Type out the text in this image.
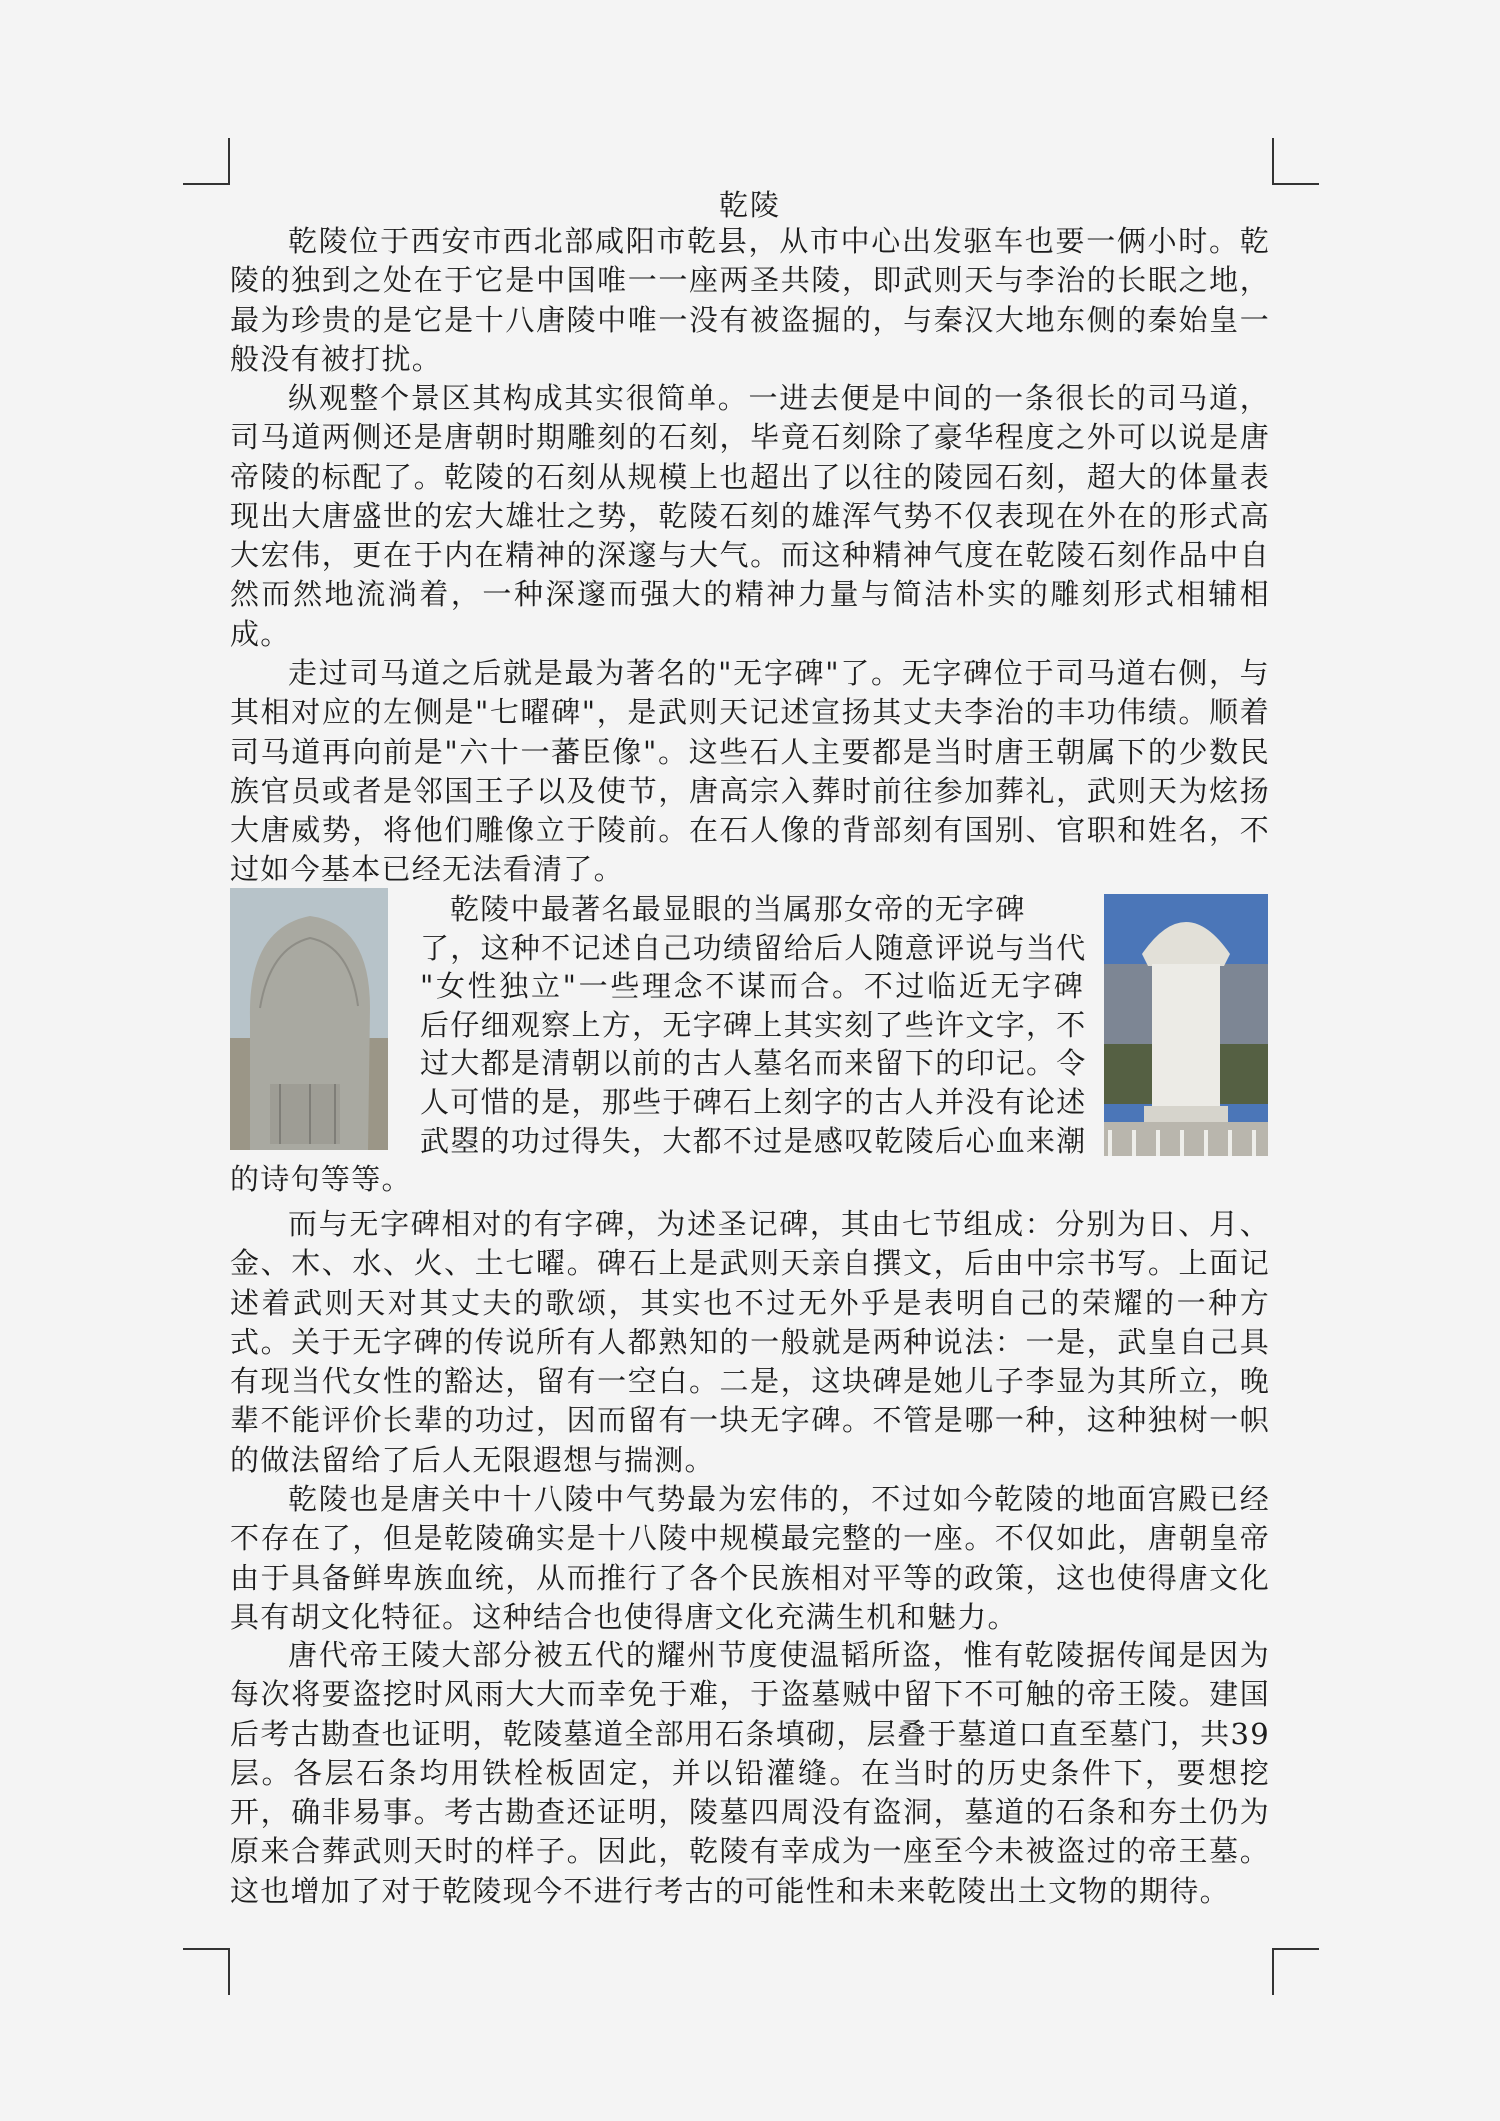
乾陵

乾陵位于西安市西北部咸阳市乾县，从市中心出发驱车也要一俩小时。乾陵的独到之处在于它是中国唯一一座两圣共陵，即武则天与李治的长眠之地，最为珍贵的是它是十八唐陵中唯一没有被盗掘的，与秦汉大地东侧的秦始皇一般没有被打扰。

纵观整个景区其构成其实很简单。一进去便是中间的一条很长的司马道，司马道两侧还是唐朝时期雕刻的石刻，毕竟石刻除了豪华程度之外可以说是唐帝陵的标配了。乾陵的石刻从规模上也超出了以往的陵园石刻，超大的体量表现出大唐盛世的宏大雄壮之势，乾陵石刻的雄浑气势不仅表现在外在的形式高大宏伟，更在于内在精神的深邃与大气。而这种精神气度在乾陵石刻作品中自然而然地流淌着，一种深邃而强大的精神力量与简洁朴实的雕刻形式相辅相成。

走过司马道之后就是最为著名的"无字碑"了。无字碑位于司马道右侧，与其相对应的左侧是"七曜碑"，是武则天记述宣扬其丈夫李治的丰功伟绩。顺着司马道再向前是"六十一蕃臣像"。这些石人主要都是当时唐王朝属下的少数民族官员或者是邻国王子以及使节，唐高宗入葬时前往参加葬礼，武则天为炫扬大唐威势，将他们雕像立于陵前。在石人像的背部刻有国别、官职和姓名，不过如今基本已经无法看清了。

乾陵中最著名最显眼的当属那女帝的无字碑
了，这种不记述自己功绩留给后人随意评说与当代
"女性独立"一些理念不谋而合。不过临近无字碑
后仔细观察上方，无字碑上其实刻了些许文字，不
过大都是清朝以前的古人墓名而来留下的印记。令
人可惜的是，那些于碑石上刻字的古人并没有论述
武曌的功过得失，大都不过是感叹乾陵后心血来潮
的诗句等等。

而与无字碑相对的有字碑，为述圣记碑，其由七节组成：分别为日、月、金、木、水、火、土七曜。碑石上是武则天亲自撰文，后由中宗书写。上面记述着武则天对其丈夫的歌颂，其实也不过无外乎是表明自己的荣耀的一种方式。关于无字碑的传说所有人都熟知的一般就是两种说法：一是，武皇自己具有现当代女性的豁达，留有一空白。二是，这块碑是她儿子李显为其所立，晚辈不能评价长辈的功过，因而留有一块无字碑。不管是哪一种，这种独树一帜的做法留给了后人无限遐想与揣测。

乾陵也是唐关中十八陵中气势最为宏伟的，不过如今乾陵的地面宫殿已经不存在了，但是乾陵确实是十八陵中规模最完整的一座。不仅如此，唐朝皇帝由于具备鲜卑族血统，从而推行了各个民族相对平等的政策，这也使得唐文化具有胡文化特征。这种结合也使得唐文化充满生机和魅力。

唐代帝王陵大部分被五代的耀州节度使温韬所盗，惟有乾陵据传闻是因为每次将要盗挖时风雨大大而幸免于难，于盗墓贼中留下不可触的帝王陵。建国后考古勘查也证明，乾陵墓道全部用石条填砌，层叠于墓道口直至墓门，共39层。各层石条均用铁栓板固定，并以铅灌缝。在当时的历史条件下，要想挖开，确非易事。考古勘查还证明，陵墓四周没有盗洞，墓道的石条和夯土仍为原来合葬武则天时的样子。因此，乾陵有幸成为一座至今未被盗过的帝王墓。这也增加了对于乾陵现今不进行考古的可能性和未来乾陵出土文物的期待。
